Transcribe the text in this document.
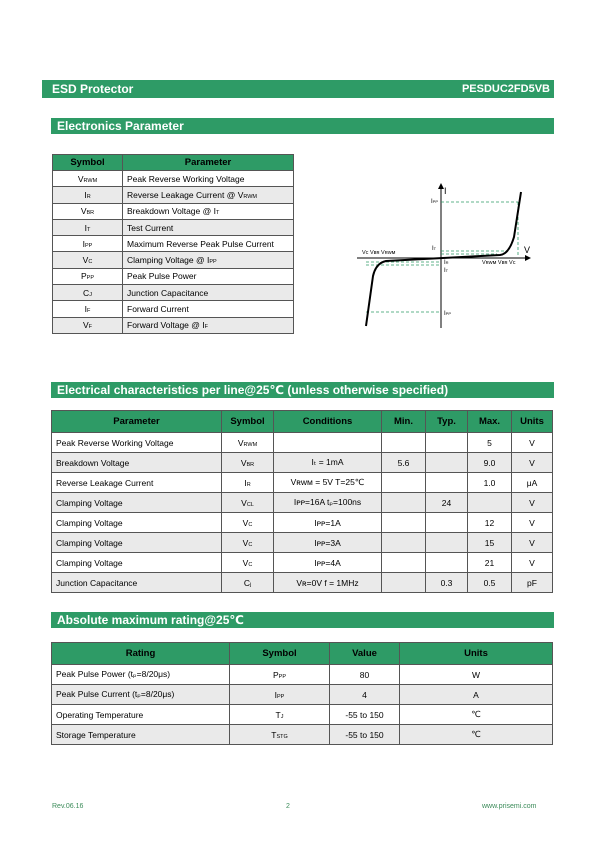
ESD Protector	PESDUC2FD5VB
Electronics Parameter
Symbol	Parameter
VRWM	Peak Reverse Working Voltage
IR	Reverse Leakage Current @ VRWM
VBR	Breakdown Voltage @ IT
IT	Test Current
IPP	Maximum Reverse Peak Pulse Current
VC	Clamping Voltage @ IPP
PPP	Peak Pulse Power
CJ	Junction Capacitance
IF	Forward Current
VF	Forward Voltage @ IF
I
V
IPP
IT
IR
IT
Vᴄ Vʙʀ Vʀᴡᴍ
Vʀᴡᴍ Vʙʀ Vᴄ
IPP
Electrical characteristics per line@25℃ (unless otherwise specified)
Parameter	Symbol	Conditions	Min.	Typ.	Max.	Units
Peak Reverse Working Voltage	VRWM				5	V
Breakdown Voltage	VBR	Iₜ = 1mA	5.6		9.0	V
Reverse Leakage Current	IR	Vʀᴡᴍ = 5V T=25℃			1.0	μA
Clamping Voltage	VCL	Iᴘᴘ=16A tₚ=100ns		24		V
Clamping Voltage	VC	Iᴘᴘ=1A			12	V
Clamping Voltage	VC	Iᴘᴘ=3A			15	V
Clamping Voltage	VC	Iᴘᴘ=4A			21	V
Junction Capacitance	Cj	Vʀ=0V f = 1MHz		0.3	0.5	pF
Absolute maximum rating@25℃
Rating	Symbol	Value	Units
Peak Pulse Power (tₚ=8/20μs)	PPP	80	W
Peak Pulse Current (tₚ=8/20μs)	IPP	4	A
Operating Temperature	TJ	-55 to 150	℃
Storage Temperature	TSTG	-55 to 150	℃
Rev.06.16	2	www.prisemi.com
